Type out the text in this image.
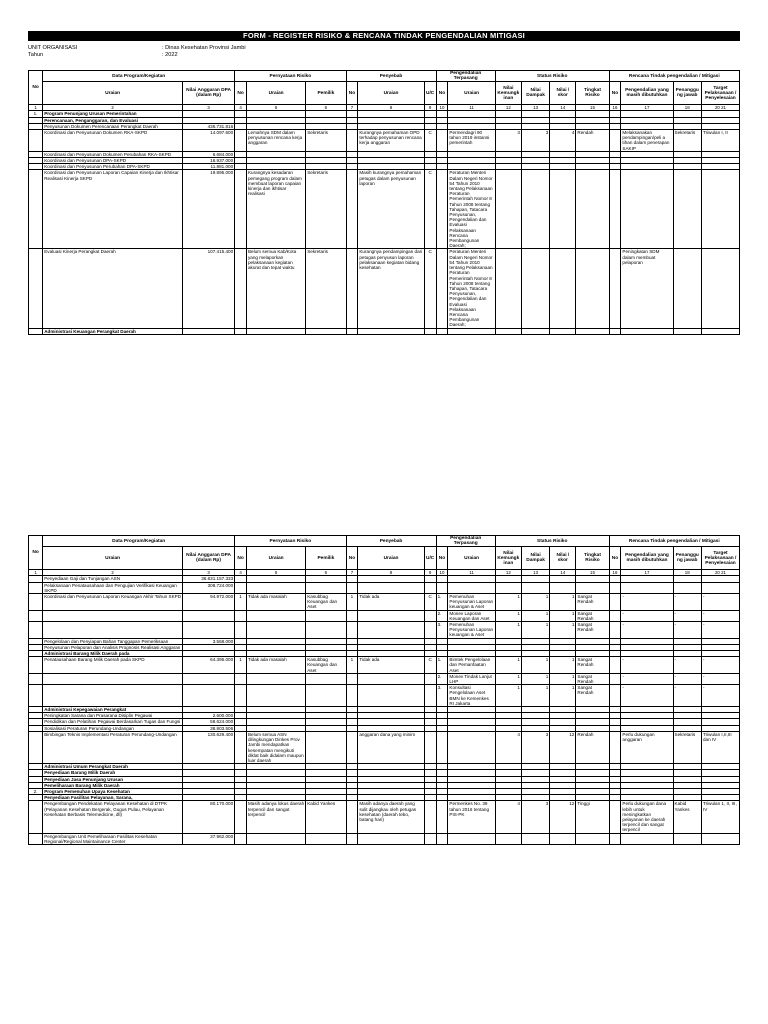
FORM - REGISTER RISIKO & RENCANA TINDAK PENGENDALIAN MITIGASI
UNIT ORGANISASI	: Dinas Kesehatan Provinsi Jambi
Tahun	: 2022
No	Data Program/Kegiatan		Pernyataan Risiko			Penyebab			Pengendalian Terpasang		Status Risiko				Rencana Tindak pengendalian / Mitigasi			
	Uraian	Nilai Anggaran DPA (dalam Rp)	No	Uraian	Pemilik	No	Uraian	U/C	No	Uraian	Nilai Kemungkinan	Nilai Dampak	Nilai / skor	Tingkat Risiko	No	Pengendalian yang masih dibutuhkan	Penanggung jawab	Target Pelaksanaan / Penyelesaian
1	2	3	4	5	6	7	8	9	10	11	12	13	14	15	16	17	18	20 21
1.	Program Penunjang Urusan Pemerintahan																	
	Perencanaan, Penganggaran, dan Evaluasi																	
	Penyusunan Dokumen Perencanaan Perangkat Daerah	436.731.816																
	Koordinasi dan Penyusunan Dokumen RKA-SKPD	14.097.600		Lemahnya SDM dalam penyusunan rencana kerja anggaran	Sekretaris		Kurangnya pemahaman OPD terhadap penyusunan rencana kerja anggaran	C		Permendagri 90 tahun 2019 instansi pemerintah	3	3	4	Rendah		Melaksanakan pendampingan/peli a tihan dalam penerapan SAKIP	Sekretaris	Triwulan I, II
	Koordinasi dan Penyusunan Dokumen Perubahan RKA-SKPD	6.684.000																
	Koordinasi dan Penyusunan DPA-SKPD	16.937.000																
	Koordinasi dan Penyusunan Perubahan DPA-SKPD	11.881.000																
	Koordinasi dan Penyusunan Laporan Capaian Kinerja dan Ikhtisar Realisasi Kinerja SKPD	19.895.000		Kurangnya kesadaran pemegang program dalam membuat laporan capaian kinerja dan ikhtisar realisasi	Sekretaris		Masih kurangnya pemahaman petugas dalam penyusunan laporan	C		Peraturan Menteri Dalam Negeri Nomor 54 Tahun 2010 tentang Pelaksanaan Peraturan Pemerintah Nomor 8 Tahun 2008 tentang Tahapan, Tatacara Penyusunan, Pengendalian dan Evaluasi Pelaksanaan Rencana Pembangunan Daerah;								
	Evaluasi Kinerja Perangkat Daerah	107.415.400		Belum semua Kab/Kota yang melaporkan pelaksanaan kegiatan akurat dan tepat waktu	Sekretaris		Kurangnya pendampingan dari petugas penyusun laporan pelaksanaan kegiatan bidang kesehatan	C		Peraturan Menteri Dalam Negeri Nomor 54 Tahun 2010 tentang Pelaksanaan Peraturan Pemerintah Nomor 8 Tahun 2008 tentang Tahapan, Tatacara Penyusunan, Pengendalian dan Evaluasi Pelaksanaan Rencana Pembangunan Daerah;						Peningkatan SDM dalam membuat pelaporan		
	Administrasi Keuangan Perangkat Daerah																	
No	Data Program/Kegiatan		Pernyataan Risiko			Penyebab			Pengendalian Terpasang		Status Risiko				Rencana Tindak pengendalian / Mitigasi			
	Uraian	Nilai Anggaran DPA (dalam Rp)	No	Uraian	Pemilik	No	Uraian	U/C	No	Uraian	Nilai Kemungkinan	Nilai Dampak	Nilai / skor	Tingkat Risiko	No	Pengendalian yang masih dibutuhkan	Penanggung jawab	Target Pelaksanaan / Penyelesaian
1	2	3	4	5	6	7	8	9	10	11	12	13	14	15	16	17	18	20 21
	Penyediaan Gaji dan Tunjangan ASN	36.631.157.333																
	Pelaksanaan Penatausahaan dan Pengujian Verifikasi Keuangan SKPD	308.724.000																
	Koordinasi dan Penyusunan Laporan Keuangan Akhir Tahun SKPD	94.972.000	1	Tidak ada masalah	Kasubbag Keuangan dan Aset	1	Tidak ada	C	1.	Pemenuhan Penyusunan Laporan keuangan & Aset	1	1	1	Sangat Rendah		-	-	-
									2.	Monev Laporan Keuangan dan Aset	1	1	1	Sangat Rendah		-	-	-
									3.	Pemenuhan Penyusunan Laporan keuangan & Aset	1	1	1	Sangat Rendah		-	-	-
	Pengelolaan dan Penyiapan Bahan Tanggapan Pemeriksaan	3.568.000																
	Penyusunan Pelaporan dan Analisis Prognosis Realisasi Anggaran																	
	Administrasi Barang Milik Daerah pada																	
	Penatausahaan Barang Milik Daerah pada SKPD	64.395.000	1	Tidak ada masalah	Kasubbag Keuangan dan Aset	1	Tidak ada	C	1.	Bimtek Pengelolaan dan Pemanfaatan Aset	1	1	1	Sangat Rendah		-	-	-
									2.	Monev Tindak Lanjut LHP	1	1	1	Sangat Rendah		-	-	-
									3.	Konsultasi Pengelolaan Aset BMN ke Kemenkes RI Jakarta	1	1	1	Sangat Rendah		-	-	-
	Administrasi Kepegawaian Perangkat																	
	Peningkatan Sarana dan Prasarana Disiplin Pegawai	2.600.000																
	Pendidikan dan Pelatihan Pegawai Berdasarkan Tugas dan Fungsi	58.624.000																
	Sosialisasi Peraturan Perundang-Undangan	38.803.506																
	Bimbingan Teknis Implementasi Peraturan Perundang-Undangan	130.629.400		Belum semua ASN dilingkungan Dinkes Prov Jambi mendapatkan kesempatan mengikuti diklat baik didalam maupun luar daerah			anggaran dana yang minim				4	3	12	Rendah		Perlu dukungan anggaran	Sekretaris	Triwulan I,II,III dan IV
	Administrasi Umum Perangkat Daerah																	
	Penyediaan Barang Milik Daerah																	
	Penyediaan Jasa Penunjang Urusan																	
	Pemeliharaan Barang Milik Daerah																	
2.	Program Pemenuhan Upaya Kesehatan																	
	Penyediaan Fasilitas Pelayanan, Sarana,																	
	Pengembangan Pendekatan Pelayanan Kesehatan di DTPK (Pelayanan Kesehatan Bergerak, Gugus Pulau, Pelayanan Kesehatan Berbasis Telemedicine, dll)	80.170.000		Masih adanya lokus daerah terpencil dan sangat terpencil	Kabid Yankes		Masih adanya daerah yang sulit dijangkau oleh petugas kesehatan (daerah tebo, batang hari)			Permenkes No. 39 tahun 2016 tentang PIS-PK	4	3	12	Tinggi		Perlu dukungan dana lebih untuk meningkatkan pelayanan ke daerah terpencil dan sangat terpencil	Kabid Yankes	Triwulan 1, II, III, IV
	Pengembangan Unit Pemeliharaan Fasilitas Kesehatan Regional/Regional Maintainance Center	37.962.000																
